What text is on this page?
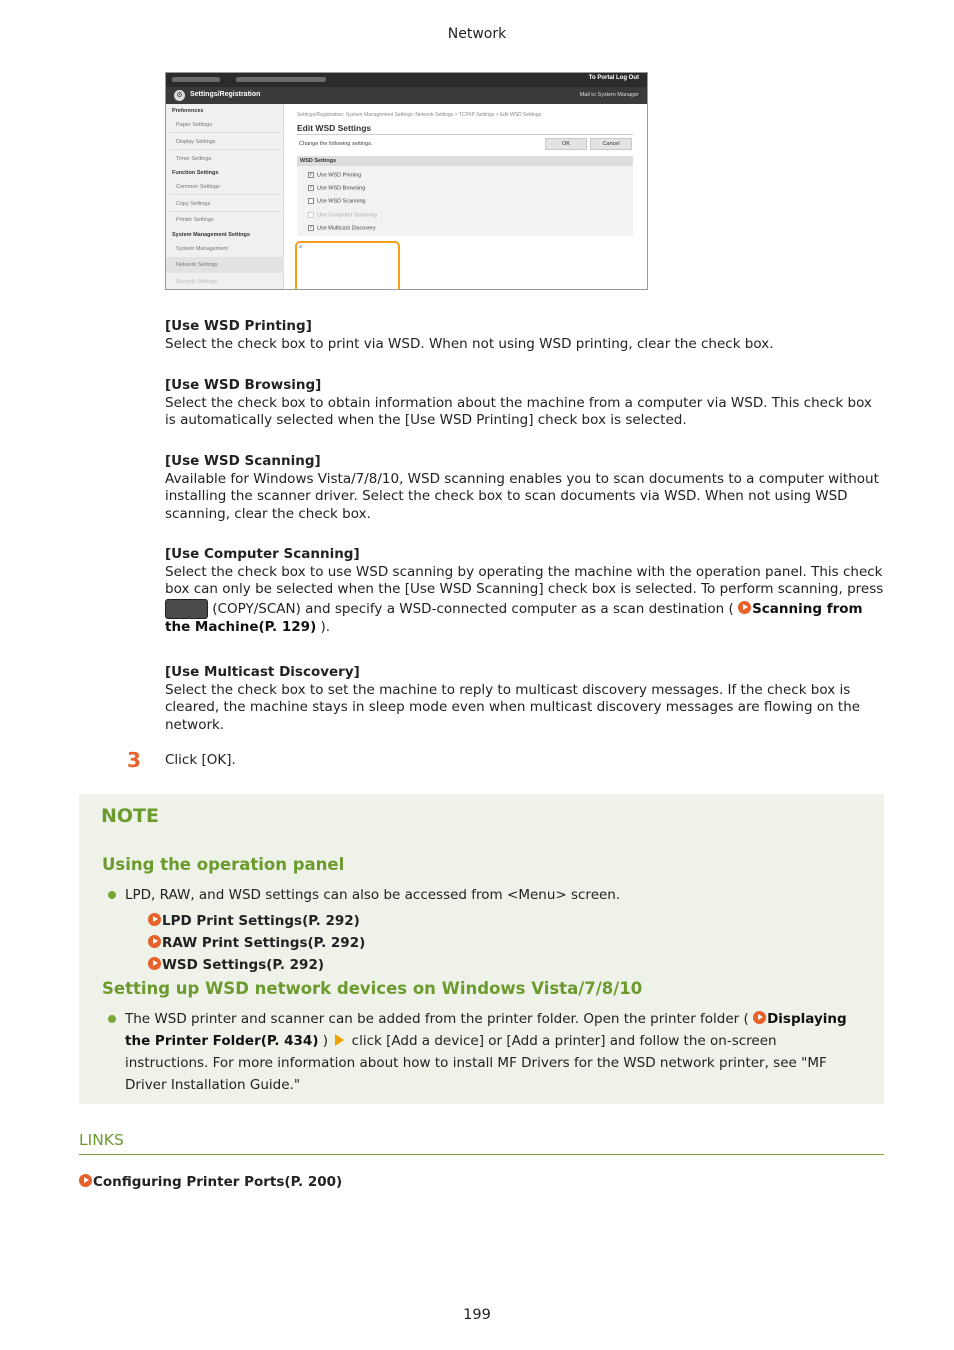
Network
To Portal Log Out
⚙	Settings/Registration	Mail to System Manager
Preferences
Paper Settings
Display Settings
Timer Settings
Function Settings
Common Settings
Copy Settings
Printer Settings
System Management Settings
System Management
Network Settings
Security Settings
Settings/Registration: System Management Settings: Network Settings > TCP/IP Settings > Edit WSD Settings
Edit WSD Settings
Change the following settings.	OK	Cancel
WSD Settings
✓ Use WSD Printing
✓ Use WSD Browsing
Use WSD Scanning
Use Computer Scanning
✓ Use Multicast Discovery
⌅
[Use WSD Printing]
Select the check box to print via WSD. When not using WSD printing, clear the check box.
[Use WSD Browsing]
Select the check box to obtain information about the machine from a computer via WSD. This check box is automatically selected when the [Use WSD Printing] check box is selected.
[Use WSD Scanning]
Available for Windows Vista/7/8/10, WSD scanning enables you to scan documents to a computer without installing the scanner driver. Select the check box to scan documents via WSD. When not using WSD scanning, clear the check box.
[Use Computer Scanning]
Select the check box to use WSD scanning by operating the machine with the operation panel. This check box can only be selected when the [Use WSD Scanning] check box is selected. To perform scanning, press
(COPY/SCAN) and specify a WSD-connected computer as a scan destination ( Scanning from the Machine(P. 129) ).
[Use Multicast Discovery]
Select the check box to set the machine to reply to multicast discovery messages. If the check box is cleared, the machine stays in sleep mode even when multicast discovery messages are flowing on the network.
3 Click [OK].
NOTE
Using the operation panel
LPD, RAW, and WSD settings can also be accessed from <Menu> screen.
LPD Print Settings(P. 292)
RAW Print Settings(P. 292)
WSD Settings(P. 292)
Setting up WSD network devices on Windows Vista/7/8/10
The WSD printer and scanner can be added from the printer folder. Open the printer folder ( Displaying the Printer Folder(P. 434) )  click [Add a device] or [Add a printer] and follow the on-screen instructions. For more information about how to install MF Drivers for the WSD network printer, see "MF Driver Installation Guide."
LINKS
Configuring Printer Ports(P. 200)
199
